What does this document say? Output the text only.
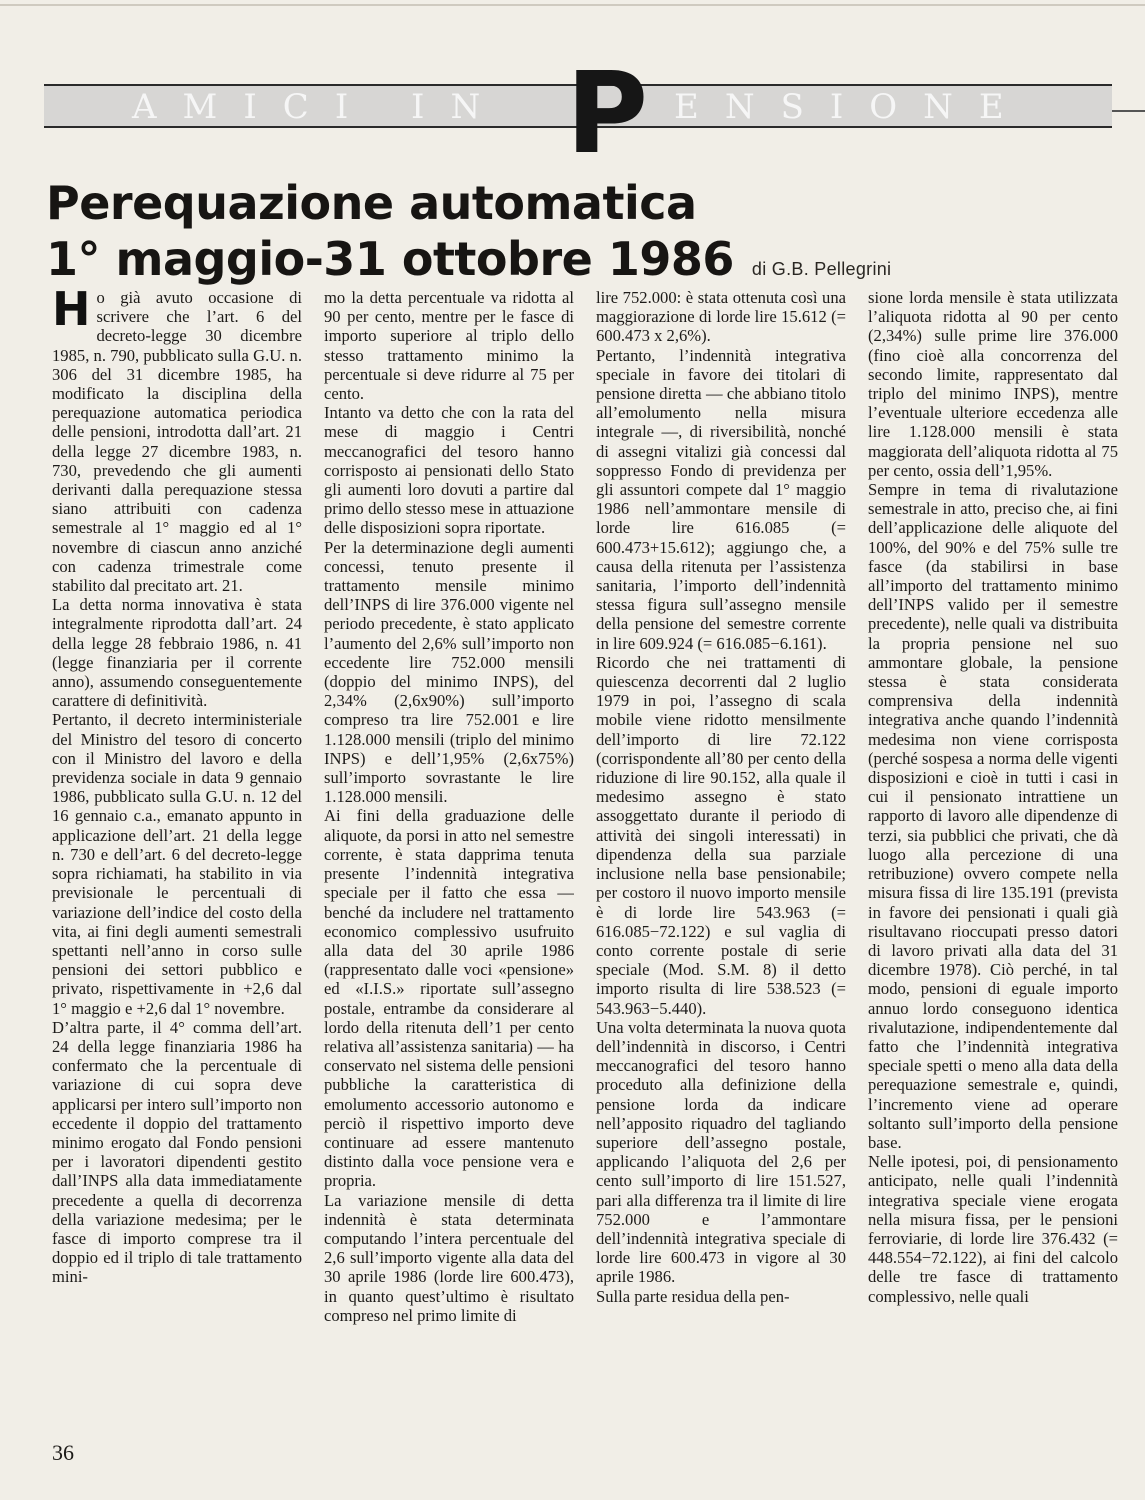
AMICI IN	ENSIONE
P
Perequazione automatica
1° maggio-31 ottobre 1986 di G.B. Pellegrini

Ho già avuto occasione di scrivere che l’art. 6 del decreto-legge 30 dicembre 1985, n. 790, pubblicato sulla G.U. n. 306 del 31 dicembre 1985, ha modificato la disciplina della perequazione automatica periodica delle pensioni, introdotta dall’art. 21 della legge 27 dicembre 1983, n. 730, prevedendo che gli aumenti derivanti dalla perequazione stessa siano attribuiti con cadenza semestrale al 1° maggio ed al 1° novembre di ciascun anno anziché con cadenza trimestrale come stabilito dal precitato art. 21.

La detta norma innovativa è stata integralmente riprodotta dall’art. 24 della legge 28 febbraio 1986, n. 41 (legge finanziaria per il corrente anno), assumendo conseguentemente carattere di definitività.

Pertanto, il decreto interministeriale del Ministro del tesoro di concerto con il Ministro del lavoro e della previdenza sociale in data 9 gennaio 1986, pubblicato sulla G.U. n. 12 del 16 gennaio c.a., emanato appunto in applicazione dell’art. 21 della legge n. 730 e dell’art. 6 del decreto-legge sopra richiamati, ha stabilito in via previsionale le percentuali di variazione dell’indice del costo della vita, ai fini degli aumenti semestrali spettanti nell’anno in corso sulle pensioni dei settori pubblico e privato, rispettivamente in +2,6 dal 1° maggio e +2,6 dal 1° novembre.

D’altra parte, il 4° comma dell’art. 24 della legge finanziaria 1986 ha confermato che la percentuale di variazione di cui sopra deve applicarsi per intero sull’importo non eccedente il doppio del trattamento minimo erogato dal Fondo pensioni per i lavoratori dipendenti gestito dall’INPS alla data immediatamente precedente a quella di decorrenza della variazione medesima; per le fasce di importo comprese tra il doppio ed il triplo di tale trattamento mini-

mo la detta percentuale va ridotta al 90 per cento, mentre per le fasce di importo superiore al triplo dello stesso trattamento minimo la percentuale si deve ridurre al 75 per cento.

Intanto va detto che con la rata del mese di maggio i Centri meccanografici del tesoro hanno corrisposto ai pensionati dello Stato gli aumenti loro dovuti a partire dal primo dello stesso mese in attuazione delle disposizioni sopra riportate.

Per la determinazione degli aumenti concessi, tenuto presente il trattamento mensile minimo dell’INPS di lire 376.000 vigente nel periodo precedente, è stato applicato l’aumento del 2,6% sull’importo non eccedente lire 752.000 mensili (doppio del minimo INPS), del 2,34% (2,6x90%) sull’importo compreso tra lire 752.001 e lire 1.128.000 mensili (triplo del minimo INPS) e dell’1,95% (2,6x75%) sull’importo sovrastante le lire 1.128.000 mensili.

Ai fini della graduazione delle aliquote, da porsi in atto nel semestre corrente, è stata dapprima tenuta presente l’indennità integrativa speciale per il fatto che essa — benché da includere nel trattamento economico complessivo usufruito alla data del 30 aprile 1986 (rappresentato dalle voci «pensione» ed «I.I.S.» riportate sull’assegno postale, entrambe da considerare al lordo della ritenuta dell’1 per cento relativa all’assistenza sanitaria) — ha conservato nel sistema delle pensioni pubbliche la caratteristica di emolumento accessorio autonomo e perciò il rispettivo importo deve continuare ad essere mantenuto distinto dalla voce pensione vera e propria.

La variazione mensile di detta indennità è stata determinata computando l’intera percentuale del 2,6 sull’importo vigente alla data del 30 aprile 1986 (lorde lire 600.473), in quanto quest’ultimo è risultato compreso nel primo limite di

lire 752.000: è stata ottenuta così una maggiorazione di lorde lire 15.612 (= 600.473 x 2,6%).

Pertanto, l’indennità integrativa speciale in favore dei titolari di pensione diretta — che abbiano titolo all’emolumento nella misura integrale —, di riversibilità, nonché di assegni vitalizi già concessi dal soppresso Fondo di previdenza per gli assuntori compete dal 1° maggio 1986 nell’ammontare mensile di lorde lire 616.085 (= 600.473+15.612); aggiungo che, a causa della ritenuta per l’assistenza sanitaria, l’importo dell’indennità stessa figura sull’assegno mensile della pensione del semestre corrente in lire 609.924 (= 616.085−6.161).

Ricordo che nei trattamenti di quiescenza decorrenti dal 2 luglio 1979 in poi, l’assegno di scala mobile viene ridotto mensilmente dell’importo di lire 72.122 (corrispondente all’80 per cento della riduzione di lire 90.152, alla quale il medesimo assegno è stato assoggettato durante il periodo di attività dei singoli interessati) in dipendenza della sua parziale inclusione nella base pensionabile; per costoro il nuovo importo mensile è di lorde lire 543.963 (= 616.085−72.122) e sul vaglia di conto corrente postale di serie speciale (Mod. S.M. 8) il detto importo risulta di lire 538.523 (= 543.963−5.440).

Una volta determinata la nuova quota dell’indennità in discorso, i Centri meccanografici del tesoro hanno proceduto alla definizione della pensione lorda da indicare nell’apposito riquadro del tagliando superiore dell’assegno postale, applicando l’aliquota del 2,6 per cento sull’importo di lire 151.527, pari alla differenza tra il limite di lire 752.000 e l’ammontare dell’indennità integrativa speciale di lorde lire 600.473 in vigore al 30 aprile 1986.

Sulla parte residua della pen-

sione lorda mensile è stata utilizzata l’aliquota ridotta al 90 per cento (2,34%) sulle prime lire 376.000 (fino cioè alla concorrenza del secondo limite, rappresentato dal triplo del minimo INPS), mentre l’eventuale ulteriore eccedenza alle lire 1.128.000 mensili è stata maggiorata dell’aliquota ridotta al 75 per cento, ossia dell’1,95%.

Sempre in tema di rivalutazione semestrale in atto, preciso che, ai fini dell’applicazione delle aliquote del 100%, del 90% e del 75% sulle tre fasce (da stabilirsi in base all’importo del trattamento minimo dell’INPS valido per il semestre precedente), nelle quali va distribuita la propria pensione nel suo ammontare globale, la pensione stessa è stata considerata comprensiva della indennità integrativa anche quando l’indennità medesima non viene corrisposta (perché sospesa a norma delle vigenti disposizioni e cioè in tutti i casi in cui il pensionato intrattiene un rapporto di lavoro alle dipendenze di terzi, sia pubblici che privati, che dà luogo alla percezione di una retribuzione) ovvero compete nella misura fissa di lire 135.191 (prevista in favore dei pensionati i quali già risultavano rioccupati presso datori di lavoro privati alla data del 31 dicembre 1978). Ciò perché, in tal modo, pensioni di eguale importo annuo lordo conseguono identica rivalutazione, indipendentemente dal fatto che l’indennità integrativa speciale spetti o meno alla data della perequazione semestrale e, quindi, l’incremento viene ad operare soltanto sull’importo della pensione base.

Nelle ipotesi, poi, di pensionamento anticipato, nelle quali l’indennità integrativa speciale viene erogata nella misura fissa, per le pensioni ferroviarie, di lorde lire 376.432 (= 448.554−72.122), ai fini del calcolo delle tre fasce di trattamento complessivo, nelle quali

36
